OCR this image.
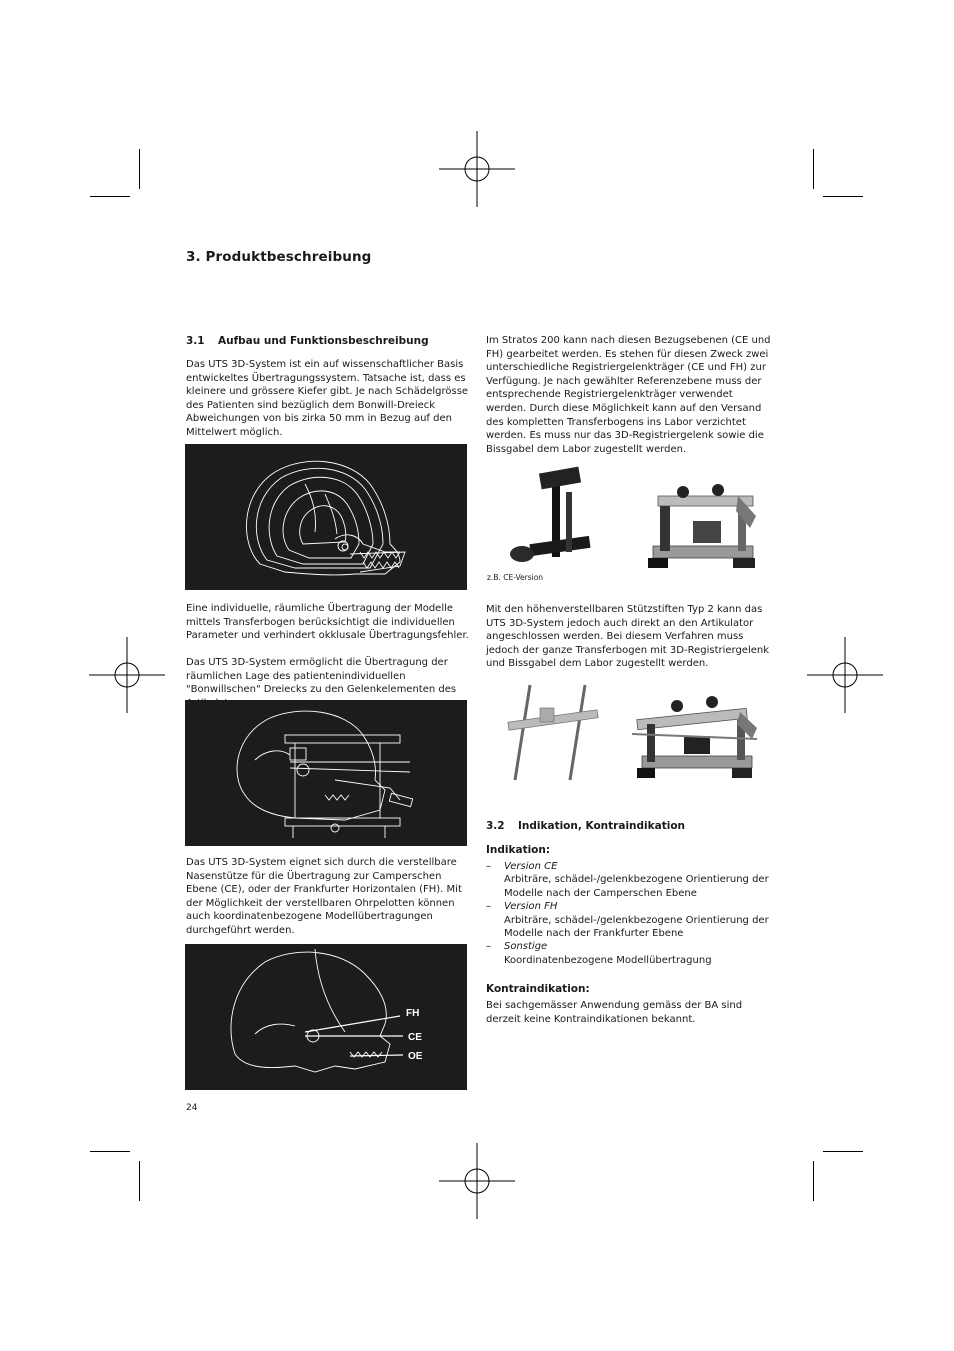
3. Produktbeschreibung

3.1 Aufbau und Funktionsbeschreibung

Das UTS 3D-System ist ein auf wissenschaftlicher Basis entwickeltes Übertragungssystem. Tatsache ist, dass es kleinere und grössere Kiefer gibt. Je nach Schädelgrösse des Patienten sind bezüglich dem Bonwill-Dreieck Abweichungen von bis zirka 50 mm in Bezug auf den Mittelwert möglich.

Eine individuelle, räumliche Übertragung der Modelle mittels Transferbogen berücksichtigt die individuellen Parameter und verhindert okklusale Übertragungsfehler.

Das UTS 3D-System ermöglicht die Übertragung der räumlichen Lage des patientenindividuellen "Bonwillschen" Dreiecks zu den Gelenkelementen des

Das UTS 3D-System eignet sich durch die verstellbare Nasenstütze für die Übertragung zur Camperschen Ebene (CE), oder der Frankfurter Horizontalen (FH). Mit der Möglichkeit der verstellbaren Ohrpelotten können auch koordinatenbezogene Modellübertragungen durchgeführt werden.

FH
CE
OE
24

Im Stratos 200 kann nach diesen Bezugsebenen (CE und FH) gearbeitet werden. Es stehen für diesen Zweck zwei unterschiedliche Registriergelenkträger (CE und FH) zur Verfügung. Je nach gewählter Referenzebene muss der entsprechende Registriergelenkträger verwendet werden. Durch diese Möglichkeit kann auf den Versand des kompletten Transferbogens ins Labor verzichtet werden. Es muss nur das 3D-Registriergelenk sowie die Bissgabel dem Labor zugestellt werden.

z.B. CE-Version

Mit den höhenverstellbaren Stützstiften Typ 2 kann das UTS 3D-System jedoch auch direkt an den Artikulator angeschlossen werden. Bei diesem Verfahren muss jedoch der ganze Transferbogen mit 3D-Registriergelenk und Bissgabel dem Labor zugestellt werden.

3.2 Indikation, Kontraindikation

Indikation:
– Version CE
Arbiträre, schädel-/gelenkbezogene Orientierung der Modelle nach der Camperschen Ebene
– Version FH
Arbiträre, schädel-/gelenkbezogene Orientierung der Modelle nach der Frankfurter Ebene
– Sonstige
Koordinatenbezogene Modellübertragung
Kontraindikation:

Bei sachgemässer Anwendung gemäss der BA sind derzeit keine Kontraindikationen bekannt.
